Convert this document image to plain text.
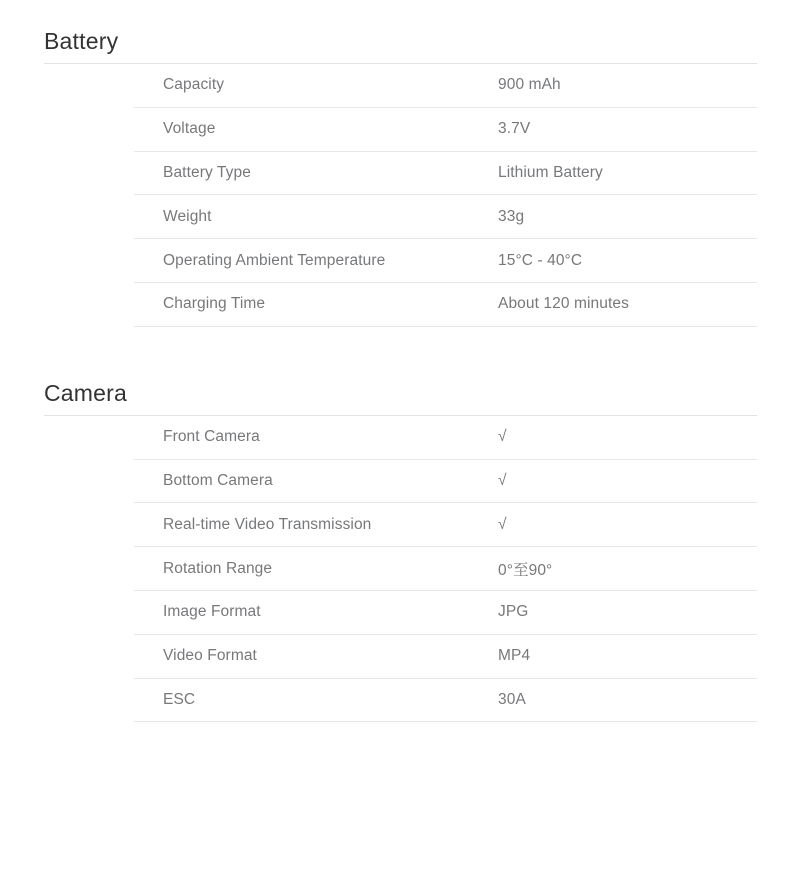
Battery
Capacity	900 mAh
Voltage	3.7V
Battery Type	Lithium Battery
Weight	33g
Operating Ambient Temperature	15°C - 40°C
Charging Time	About 120 minutes
Camera
Front Camera	√
Bottom Camera	√
Real-time Video Transmission	√
Rotation Range	0°至90°
Image Format	JPG
Video Format	MP4
ESC	30A
